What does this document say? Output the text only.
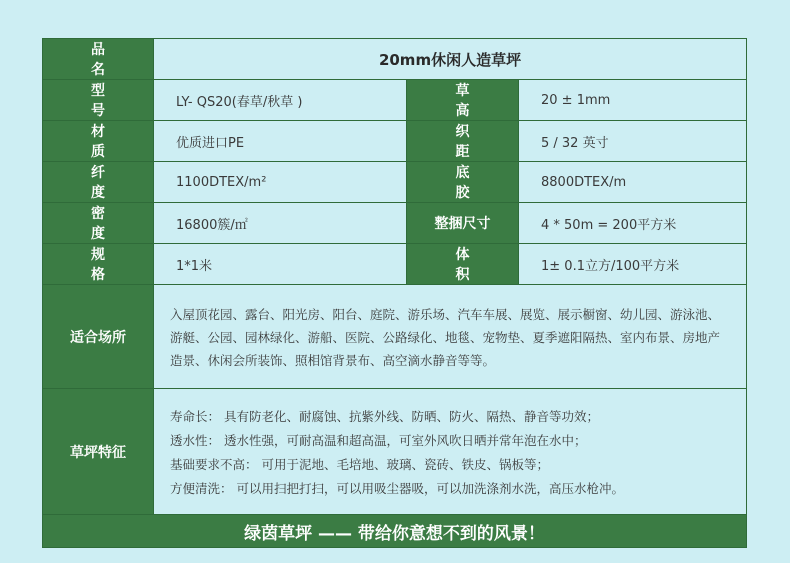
品 名	20mm休闲人造草坪		
型 号	LY- QS20(春草/秋草 )	草 高	20 ± 1mm
材 质	优质进口PE	织 距	5 / 32 英寸
纤 度	1100DTEX/m²	底 胶	8800DTEX/m
密 度	16800簇/㎡	整捆尺寸	4 * 50m = 200平方米
规 格	1*1米	体 积	1± 0.1立方/100平方米
适合场所	入屋顶花园、露台、阳光房、阳台、庭院、游乐场、汽车车展、展览、展示橱窗、幼儿园、游泳池、游艇、公园、园林绿化、游船、医院、公路绿化、地毯、宠物垫、夏季遮阳隔热、室内布景、房地产造景、休闲会所装饰、照相馆背景布、高空滴水静音等等。		
草坪特征	寿命长： 具有防老化、耐腐蚀、抗紫外线、防晒、防火、隔热、静音等功效；
透水性： 透水性强，可耐高温和超高温，可室外风吹日晒并常年泡在水中；
基础要求不高： 可用于泥地、毛培地、玻璃、瓷砖、铁皮、锅板等；
方便清洗： 可以用扫把打扫，可以用吸尘器吸，可以加洗涤剂水洗，高压水枪冲。		

绿茵草坪 —— 带给你意想不到的风景！			
